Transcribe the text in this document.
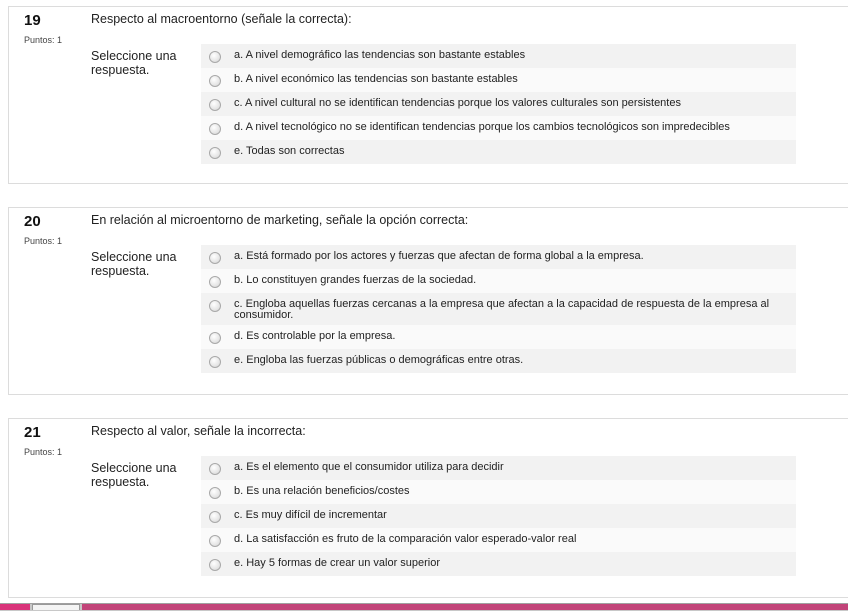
19
Puntos: 1
Respecto al macroentorno (señale la correcta):
Seleccione una respuesta.
a. A nivel demográfico las tendencias son bastante estables
b. A nivel económico las tendencias son bastante estables
c. A nivel cultural no se identifican tendencias porque los valores culturales son persistentes
d. A nivel tecnológico no se identifican tendencias porque los cambios tecnológicos son impredecibles
e. Todas son correctas
20
Puntos: 1
En relación al microentorno de marketing, señale la opción correcta:
Seleccione una respuesta.
a. Está formado por los actores y fuerzas que afectan de forma global a la empresa.
b. Lo constituyen grandes fuerzas de la sociedad.
c. Engloba aquellas fuerzas cercanas a la empresa que afectan a la capacidad de respuesta de la empresa al consumidor.
d. Es controlable por la empresa.
e. Engloba las fuerzas públicas o demográficas entre otras.
21
Puntos: 1
Respecto al valor, señale la incorrecta:
Seleccione una respuesta.
a. Es el elemento que el consumidor utiliza para decidir
b. Es una relación beneficios/costes
c. Es muy difícil de incrementar
d. La satisfacción es fruto de la comparación valor esperado-valor real
e. Hay 5 formas de crear un valor superior
